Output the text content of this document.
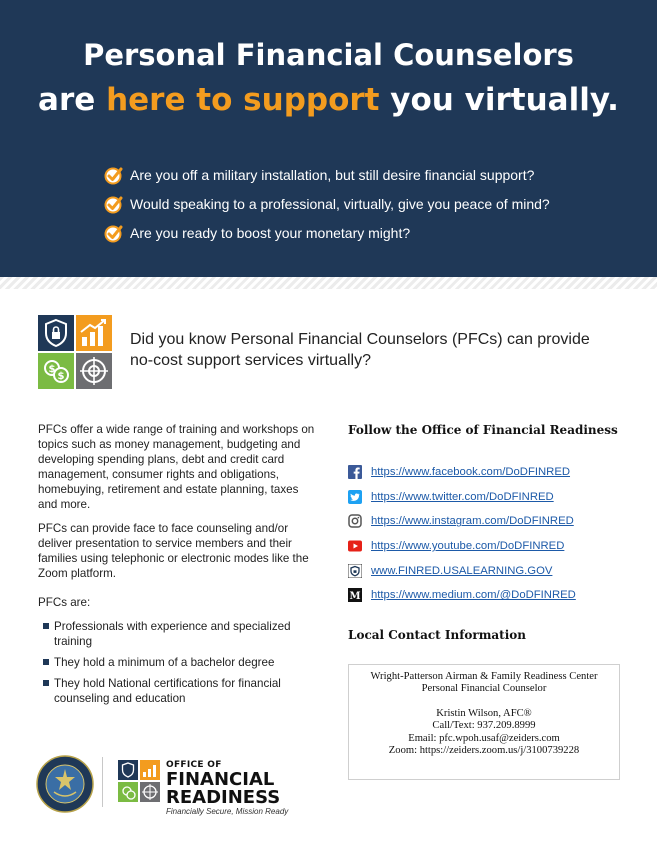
Personal Financial Counselors
are here to support you virtually.
Are you off a military installation, but still desire financial support?
Would speaking to a professional, virtually, give you peace of mind?
Are you ready to boost your monetary might?
$
$

Did you know Personal Financial Counselors (PFCs) can provide no-cost support services virtually?

PFCs offer a wide range of training and workshops on topics such as money management, budgeting and developing spending plans, debt and credit card management, consumer rights and obligations, homebuying, retirement and estate planning, taxes and more.

PFCs can provide face to face counseling and/or deliver presentation to service members and their families using telephonic or electronic modes like the Zoom platform.

PFCs are:

Professionals with experience and specialized training
They hold a minimum of a bachelor degree
They hold National certifications for financial counseling and education

Follow the Office of Financial Readiness

https://www.facebook.com/DoDFINRED
https://www.twitter.com/DoDFINRED
https://www.instagram.com/DoDFINRED
https://www.youtube.com/DoDFINRED
www.FINRED.USALEARNING.GOV
M https://www.medium.com/@DoDFINRED

Local Contact Information

Wright-Patterson Airman & Family Readiness Center
Personal Financial Counselor
Kristin Wilson, AFC®
Call/Text: 937.209.8999
Email: pfc.wpoh.usaf@zeiders.com
Zoom: https://zeiders.zoom.us/j/3100739228
OFFICE OF
FINANCIAL
READINESS
Financially Secure, Mission Ready
